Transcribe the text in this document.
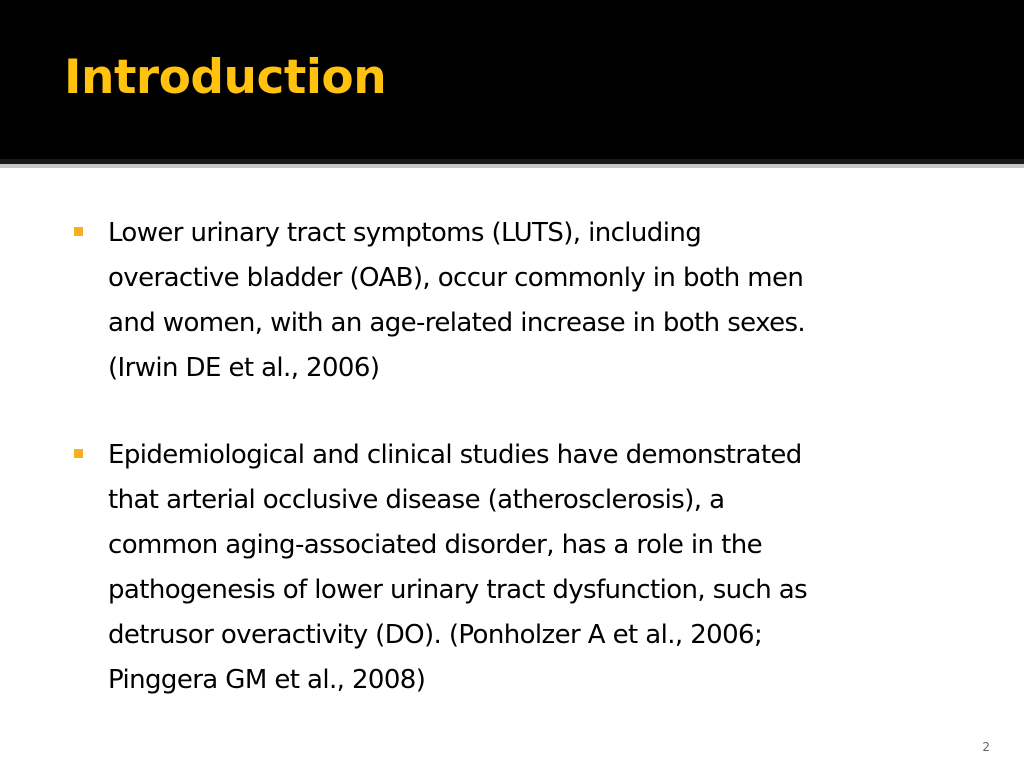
Introduction
Lower urinary tract symptoms (LUTS), including
overactive bladder (OAB), occur commonly in both men
and women, with an age-related increase in both sexes.
(Irwin DE et al., 2006)
Epidemiological and clinical studies have demonstrated
that arterial occlusive disease (atherosclerosis), a
common aging-associated disorder, has a role in the
pathogenesis of lower urinary tract dysfunction, such as
detrusor overactivity (DO). (Ponholzer A et al., 2006;
Pinggera GM et al., 2008)
2
